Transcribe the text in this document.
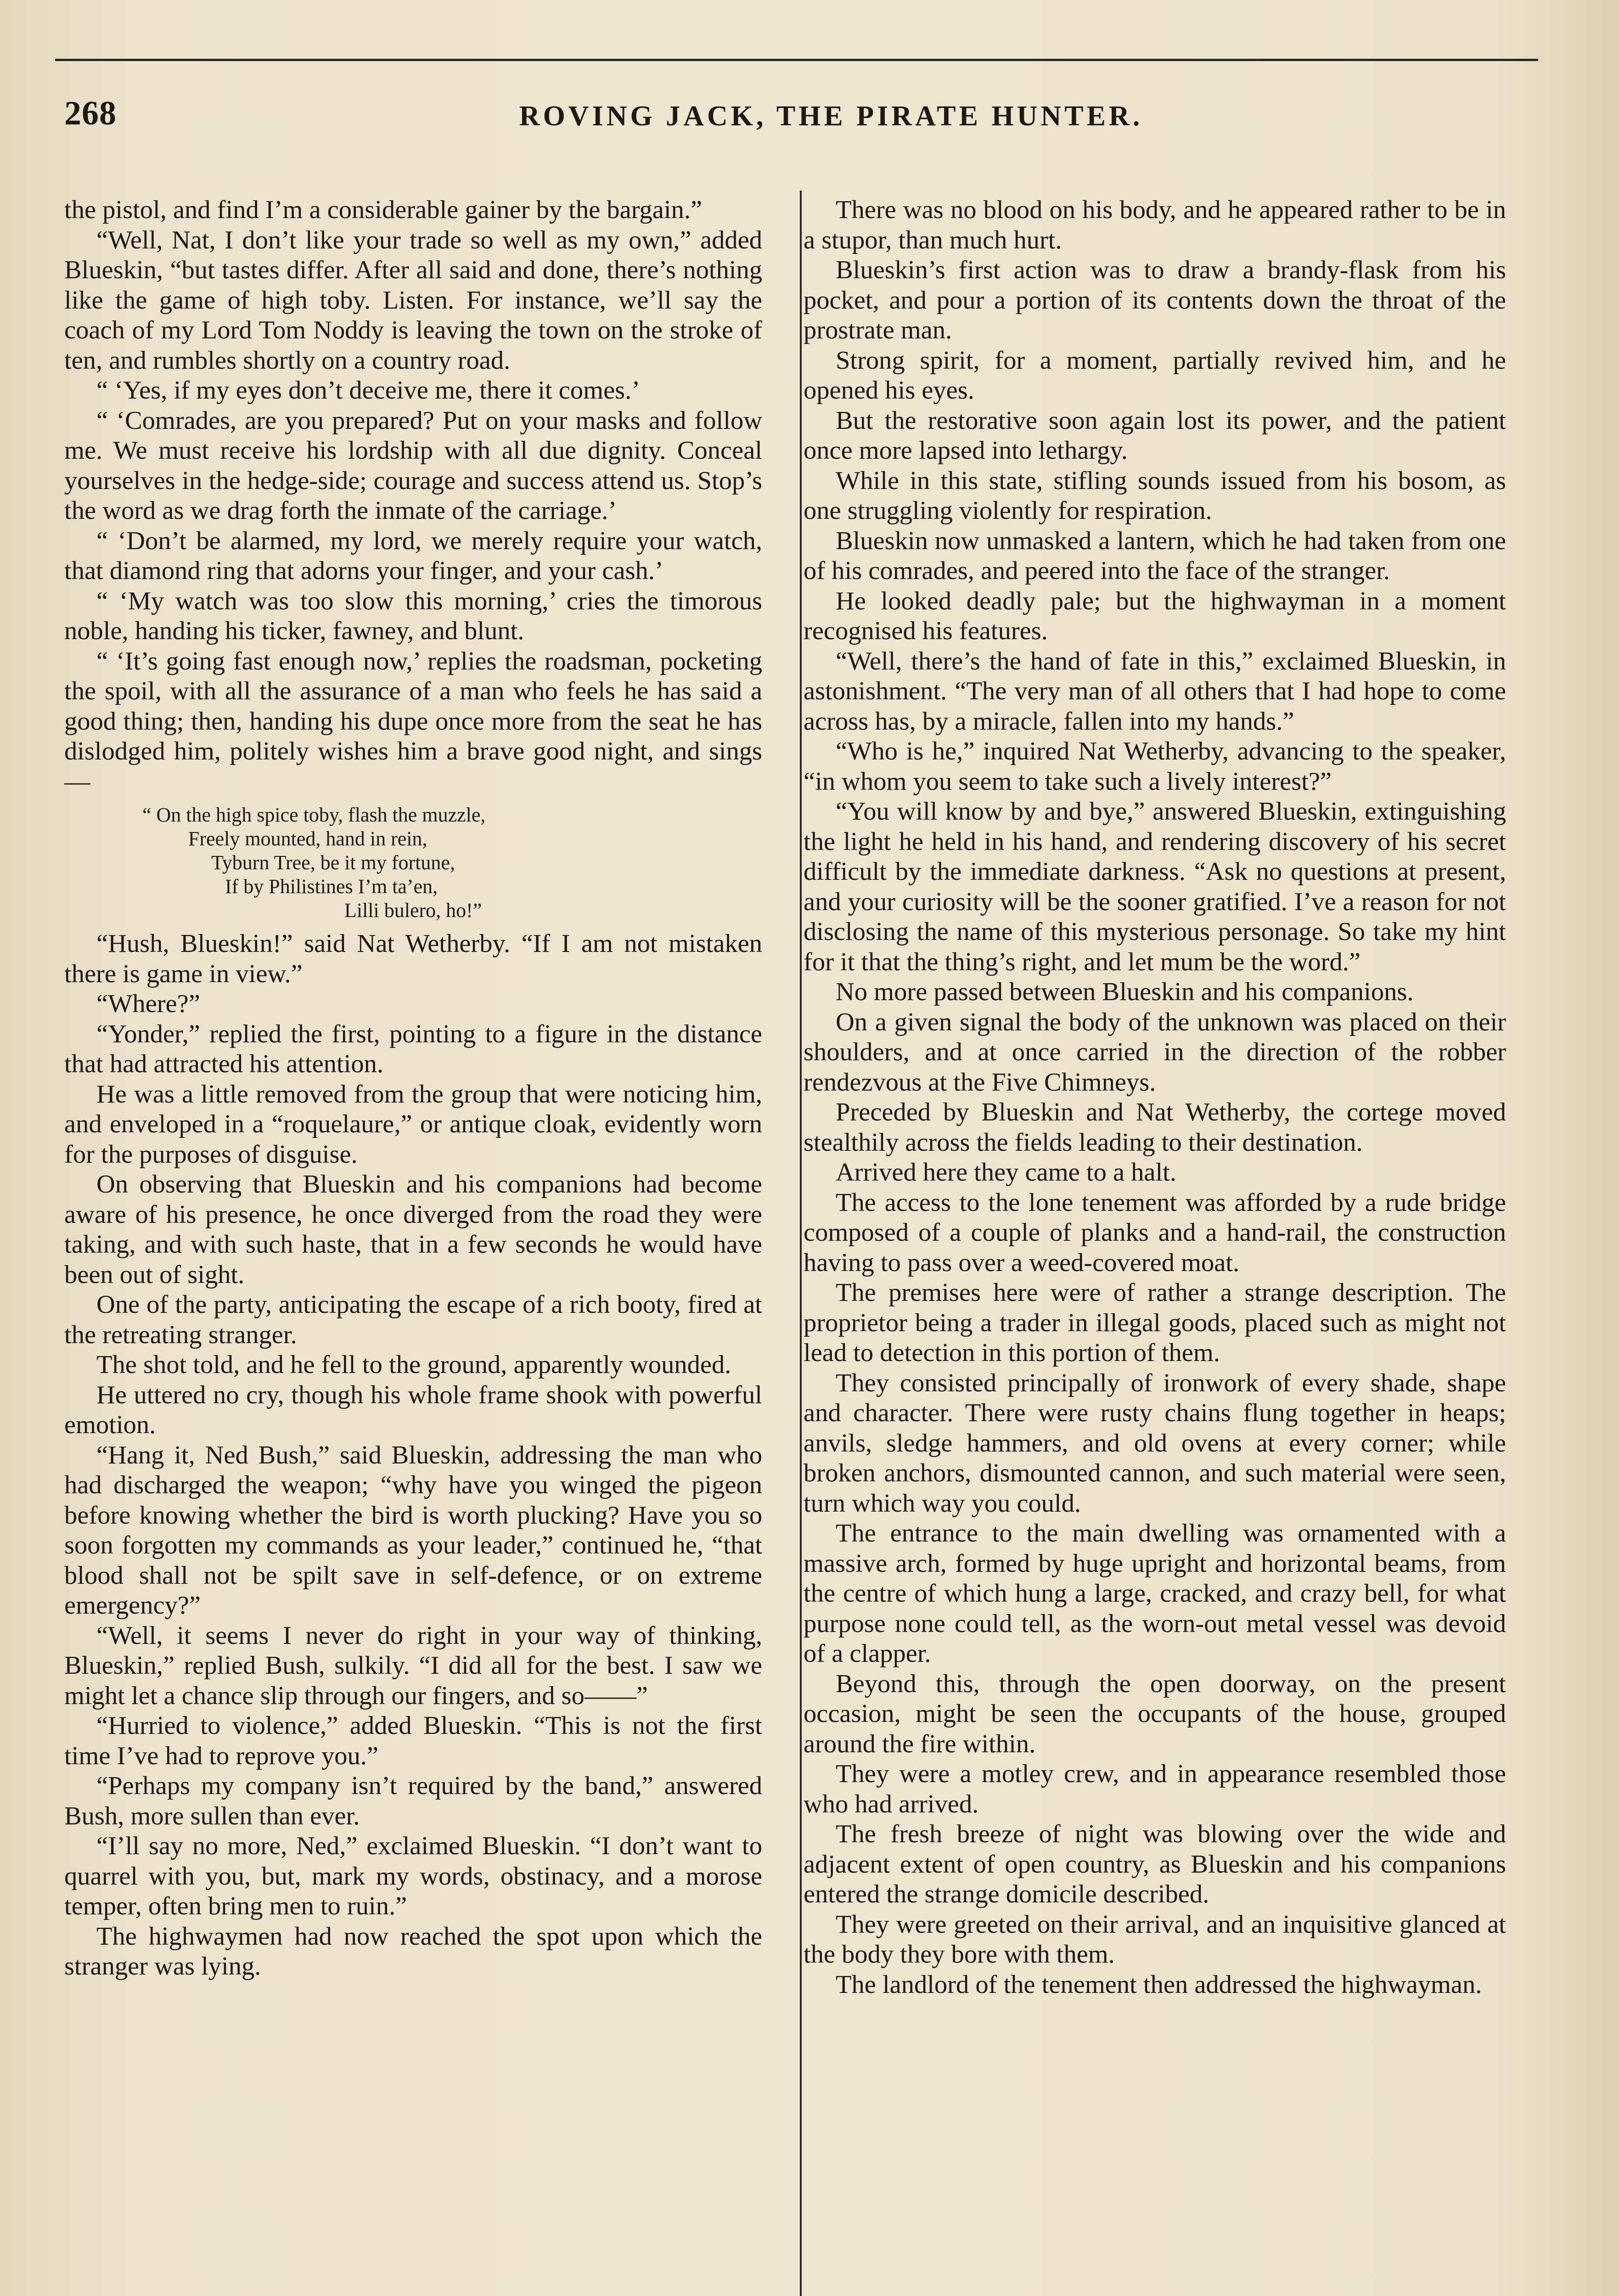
268	ROVING JACK, THE PIRATE HUNTER.

the pistol, and find I’m a considerable gainer by the bargain.”

“Well, Nat, I don’t like your trade so well as my own,” added Blueskin, “but tastes differ. After all said and done, there’s nothing like the game of high toby. Listen. For instance, we’ll say the coach of my Lord Tom Noddy is leaving the town on the stroke of ten, and rumbles shortly on a country road.

“ ‘Yes, if my eyes don’t deceive me, there it comes.’

“ ‘Comrades, are you prepared? Put on your masks and follow me. We must receive his lordship with all due dignity. Conceal yourselves in the hedge-side; courage and success attend us. Stop’s the word as we drag forth the inmate of the carriage.’

“ ‘Don’t be alarmed, my lord, we merely require your watch, that diamond ring that adorns your finger, and your cash.’

“ ‘My watch was too slow this morning,’ cries the timorous noble, handing his ticker, fawney, and blunt.

“ ‘It’s going fast enough now,’ replies the roadsman, pocketing the spoil, with all the assurance of a man who feels he has said a good thing; then, handing his dupe once more from the seat he has dislodged him, politely wishes him a brave good night, and sings—

“ On the high spice toby, flash the muzzle,
Freely mounted, hand in rein,
Tyburn Tree, be it my fortune,
If by Philistines I’m ta’en,
Lilli bulero, ho!”

“Hush, Blueskin!” said Nat Wetherby. “If I am not mistaken there is game in view.”

“Where?”

“Yonder,” replied the first, pointing to a figure in the distance that had attracted his attention.

He was a little removed from the group that were noticing him, and enveloped in a “roquelaure,” or antique cloak, evidently worn for the purposes of disguise.

On observing that Blueskin and his companions had become aware of his presence, he once diverged from the road they were taking, and with such haste, that in a few seconds he would have been out of sight.

One of the party, anticipating the escape of a rich booty, fired at the retreating stranger.

The shot told, and he fell to the ground, apparently wounded.

He uttered no cry, though his whole frame shook with powerful emotion.

“Hang it, Ned Bush,” said Blueskin, addressing the man who had discharged the weapon; “why have you winged the pigeon before knowing whether the bird is worth plucking? Have you so soon forgotten my commands as your leader,” continued he, “that blood shall not be spilt save in self-defence, or on extreme emergency?”

“Well, it seems I never do right in your way of thinking, Blueskin,” replied Bush, sulkily. “I did all for the best. I saw we might let a chance slip through our fingers, and so——”

“Hurried to violence,” added Blueskin. “This is not the first time I’ve had to reprove you.”

“Perhaps my company isn’t required by the band,” answered Bush, more sullen than ever.

“I’ll say no more, Ned,” exclaimed Blueskin. “I don’t want to quarrel with you, but, mark my words, obstinacy, and a morose temper, often bring men to ruin.”

The highwaymen had now reached the spot upon which the stranger was lying.

There was no blood on his body, and he appeared rather to be in a stupor, than much hurt.

Blueskin’s first action was to draw a brandy-flask from his pocket, and pour a portion of its contents down the throat of the prostrate man.

Strong spirit, for a moment, partially revived him, and he opened his eyes.

But the restorative soon again lost its power, and the patient once more lapsed into lethargy.

While in this state, stifling sounds issued from his bosom, as one struggling violently for respiration.

Blueskin now unmasked a lantern, which he had taken from one of his comrades, and peered into the face of the stranger.

He looked deadly pale; but the highwayman in a moment recognised his features.

“Well, there’s the hand of fate in this,” exclaimed Blueskin, in astonishment. “The very man of all others that I had hope to come across has, by a miracle, fallen into my hands.”

“Who is he,” inquired Nat Wetherby, advancing to the speaker, “in whom you seem to take such a lively interest?”

“You will know by and bye,” answered Blueskin, extinguishing the light he held in his hand, and rendering discovery of his secret difficult by the immediate darkness. “Ask no questions at present, and your curiosity will be the sooner gratified. I’ve a reason for not disclosing the name of this mysterious personage. So take my hint for it that the thing’s right, and let mum be the word.”

No more passed between Blueskin and his companions.

On a given signal the body of the unknown was placed on their shoulders, and at once carried in the direction of the robber rendezvous at the Five Chimneys.

Preceded by Blueskin and Nat Wetherby, the cortege moved stealthily across the fields leading to their destination.

Arrived here they came to a halt.

The access to the lone tenement was afforded by a rude bridge composed of a couple of planks and a hand-rail, the construction having to pass over a weed-covered moat.

The premises here were of rather a strange description. The proprietor being a trader in illegal goods, placed such as might not lead to detection in this portion of them.

They consisted principally of ironwork of every shade, shape and character. There were rusty chains flung together in heaps; anvils, sledge hammers, and old ovens at every corner; while broken anchors, dismounted cannon, and such material were seen, turn which way you could.

The entrance to the main dwelling was ornamented with a massive arch, formed by huge upright and horizontal beams, from the centre of which hung a large, cracked, and crazy bell, for what purpose none could tell, as the worn-out metal vessel was devoid of a clapper.

Beyond this, through the open doorway, on the present occasion, might be seen the occupants of the house, grouped around the fire within.

They were a motley crew, and in appearance resembled those who had arrived.

The fresh breeze of night was blowing over the wide and adjacent extent of open country, as Blueskin and his companions entered the strange domicile described.

They were greeted on their arrival, and an inquisitive glanced at the body they bore with them.

The landlord of the tenement then addressed the highwayman.
